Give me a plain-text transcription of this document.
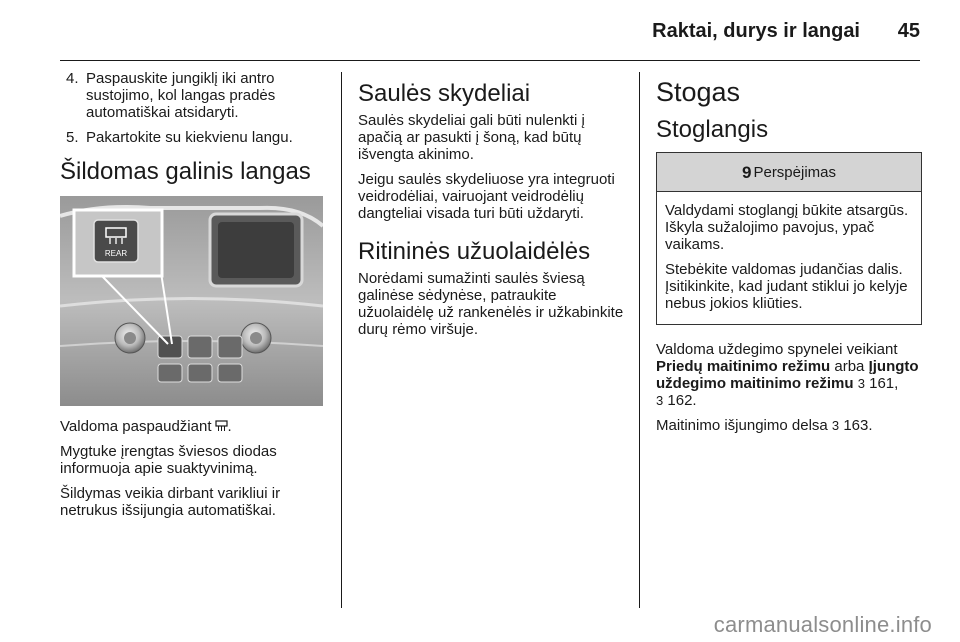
Raktai, durys ir langai	45
4. Paspauskite jungiklį iki antro sustojimo, kol langas pradės automatiškai atsidaryti.
5. Pakartokite su kiekvienu langu.
Šildomas galinis langas
REAR

Valdoma paspaudžiant .

Mygtuke įrengtas šviesos diodas informuoja apie suaktyvinimą.

Šildymas veikia dirbant varikliui ir netrukus išsijungia automatiškai.

Saulės skydeliai

Saulės skydeliai gali būti nulenkti į apačią ar pasukti į šoną, kad būtų išvengta akinimo.

Jeigu saulės skydeliuose yra integruoti veidrodėliai, vairuojant veidrodėlių dangteliai visada turi būti uždaryti.

Ritininės užuolaidėlės

Norėdami sumažinti saulės šviesą galinėse sėdynėse, patraukite užuolaidėlę už rankenėlės ir užkabinkite durų rėmo viršuje.

Stogas
Stoglangis
9 Perspėjimas

Valdydami stoglangį būkite atsargūs. Iškyla sužalojimo pavojus, ypač vaikams.

Stebėkite valdomas judančias dalis. Įsitikinkite, kad judant stiklui jo kelyje nebus jokios kliūties.

Valdoma uždegimo spynelei veikiant Priedų maitinimo režimu arba Įjungto uždegimo maitinimo režimu 3 161,
3 162.

Maitinimo išjungimo delsa 3 163.

carmanualsonline.info
